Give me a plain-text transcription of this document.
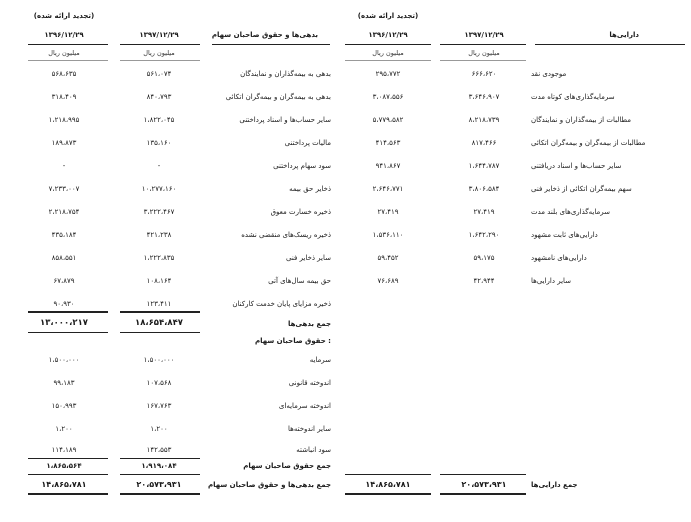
(تجدید ارائه شده)
۱۳۹۶/۱۲/۲۹	۱۳۹۷/۱۲/۲۹	بدهی‌ها و حقوق صاحبان سهام
میلیون ریال	میلیون ریال
۵۶۸،۶۳۵	۵۶۱،۰۷۴	بدهی به بیمه‌گذاران و نمایندگان
۳۱۸،۴۰۹	۸۴۰،۷۹۳	بدهی به بیمه‌گران و بیمه‌گران اتکائی
۱،۲۱۸،۹۹۵	۱،۸۲۲،۰۴۵	سایر حساب‌ها و اسناد پرداختنی
۱۸۹،۸۷۳	۱۳۵،۱۶۰	مالیات پرداختنی
-	-	سود سهام پرداختنی
۷،۲۳۳،۰۰۷	۱۰،۲۷۷،۱۶۰	ذخایر حق بیمه
۲،۲۱۸،۷۵۴	۳،۲۲۲،۴۶۷	ذخیره خسارت معوق
۴۳۵،۱۸۴	۴۲۱،۲۳۸	ذخیره ریسک‌های منقضی نشده
۸۵۸،۵۵۱	۱،۲۲۲،۸۳۵	سایر ذخایر فنی
۶۷،۸۷۹	۱۰۸،۱۶۴	حق بیمه سال‌های آتی
۹۰،۹۳۰	۱۲۳،۴۱۱	ذخیره مزایای پایان خدمت کارکنان
۱۳،۰۰۰،۲۱۷	۱۸،۶۵۴،۸۴۷	جمع بدهی‌ها
حقوق صاحبان سهام :
۱،۵۰۰،۰۰۰	۱،۵۰۰،۰۰۰	سرمایه
۹۹،۱۸۳	۱۰۷،۵۶۸	اندوخته قانونی
۱۵۰،۹۹۳	۱۶۷،۷۶۳	اندوخته سرمایه‌ای
۱،۲۰۰	۱،۲۰۰	سایر اندوخته‌ها
۱۱۴،۱۸۹	۱۴۲،۵۵۳	سود انباشته
۱،۸۶۵،۵۶۴	۱،۹۱۹،۰۸۴	جمع حقوق صاحبان سهام
۱۴،۸۶۵،۷۸۱	۲۰،۵۷۳،۹۳۱	جمع بدهی‌ها و حقوق صاحبان سهام
(تجدید ارائه شده)
۱۳۹۶/۱۲/۲۹	۱۳۹۷/۱۲/۲۹	دارایی‌ها
میلیون ریال	میلیون ریال
۲۹۵،۷۷۲	۶۶۶،۶۲۰	موجودی نقد
۳،۰۸۷،۵۵۶	۳،۶۴۶،۹۰۷	سرمایه‌گذاری‌های کوتاه مدت
۵،۷۷۹،۵۸۲	۸،۲۱۸،۷۳۹	مطالبات از بیمه‌گذاران و نمایندگان
۴۱۴،۵۶۳	۸۱۷،۴۶۶	مطالبات از بیمه‌گران و بیمه‌گران اتکائی
۹۴۱،۸۶۷	۱،۶۴۴،۷۸۷	سایر حساب‌ها و اسناد دریافتنی
۲،۶۴۶،۷۷۱	۳،۸۰۶،۵۸۴	سهم بیمه‌گران اتکائی از ذخایر فنی
۲۷،۴۱۹	۲۷،۴۱۹	سرمایه‌گذاری‌های بلند مدت
۱،۵۳۶،۱۱۰	۱،۶۴۲،۲۹۰	دارایی‌های ثابت مشهود
۵۹،۴۵۲	۵۹،۱۷۵	دارایی‌های نامشهود
۷۶،۶۸۹	۴۲،۹۴۴	سایر دارایی‌ها
۱۴،۸۶۵،۷۸۱	۲۰،۵۷۳،۹۳۱	جمع دارایی‌ها
